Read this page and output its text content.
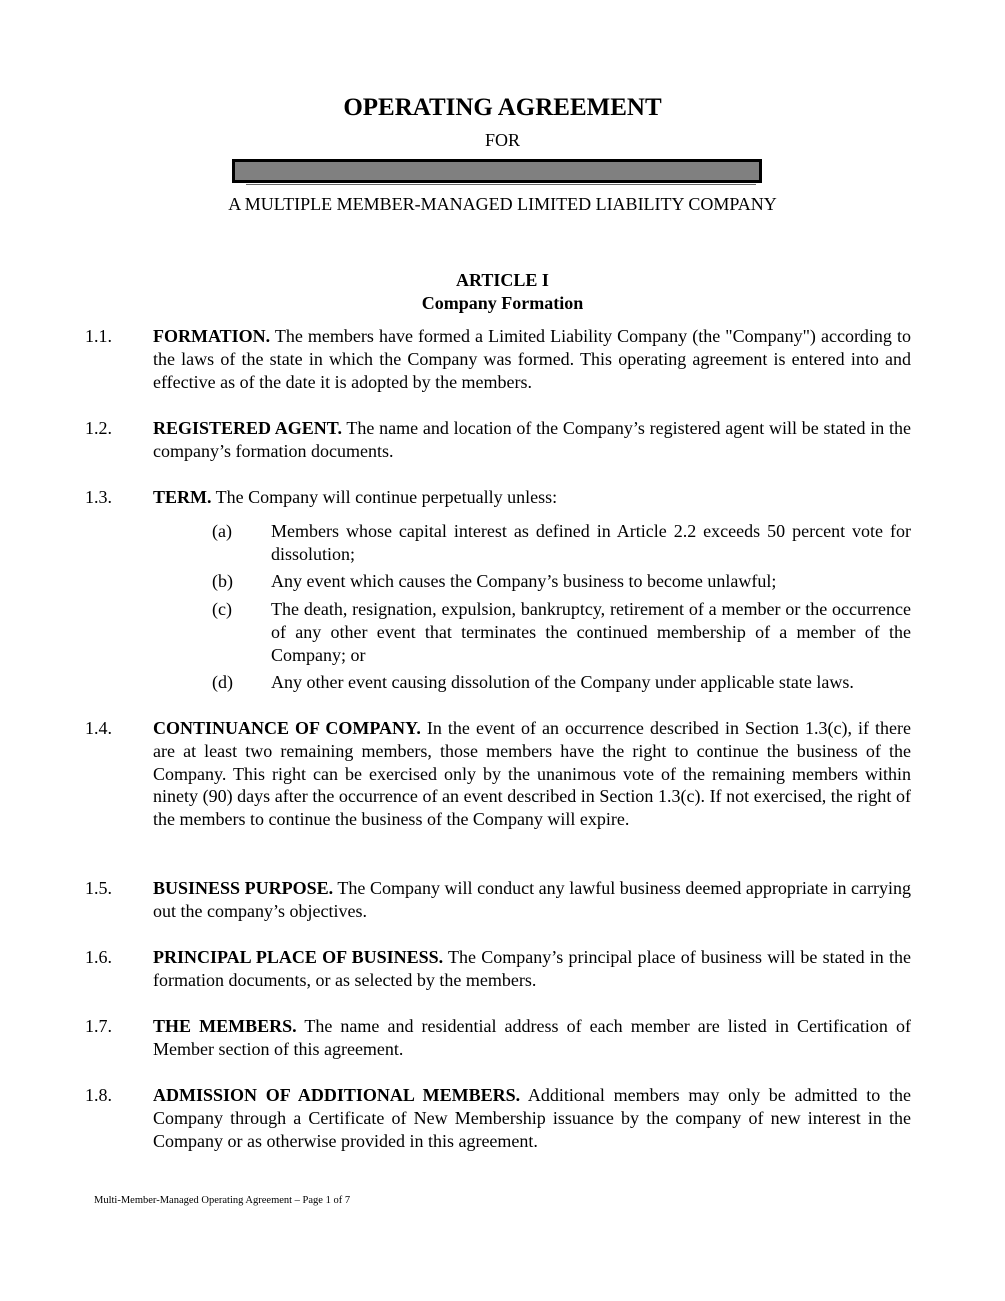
OPERATING AGREEMENT
FOR
A MULTIPLE MEMBER-MANAGED LIMITED LIABILITY COMPANY
ARTICLE I
Company Formation
1.1. FORMATION. The members have formed a Limited Liability Company (the "Company") according to the laws of the state in which the Company was formed. This operating agreement is entered into and effective as of the date it is adopted by the members.
1.2. REGISTERED AGENT. The name and location of the Company’s registered agent will be stated in the company’s formation documents.
1.3. TERM. The Company will continue perpetually unless:
(a) Members whose capital interest as defined in Article 2.2 exceeds 50 percent vote for dissolution;
(b) Any event which causes the Company’s business to become unlawful;
(c) The death, resignation, expulsion, bankruptcy, retirement of a member or the occurrence of any other event that terminates the continued membership of a member of the Company; or
(d) Any other event causing dissolution of the Company under applicable state laws.
1.4. CONTINUANCE OF COMPANY. In the event of an occurrence described in Section 1.3(c), if there are at least two remaining members, those members have the right to continue the business of the Company. This right can be exercised only by the unanimous vote of the remaining members within ninety (90) days after the occurrence of an event described in Section 1.3(c). If not exercised, the right of the members to continue the business of the Company will expire.
1.5. BUSINESS PURPOSE. The Company will conduct any lawful business deemed appropriate in carrying out the company’s objectives.
1.6. PRINCIPAL PLACE OF BUSINESS. The Company’s principal place of business will be stated in the formation documents, or as selected by the members.
1.7. THE MEMBERS. The name and residential address of each member are listed in Certification of Member section of this agreement.
1.8. ADMISSION OF ADDITIONAL MEMBERS. Additional members may only be admitted to the Company through a Certificate of New Membership issuance by the company of new interest in the Company or as otherwise provided in this agreement.
Multi-Member-Managed Operating Agreement – Page 1 of 7
